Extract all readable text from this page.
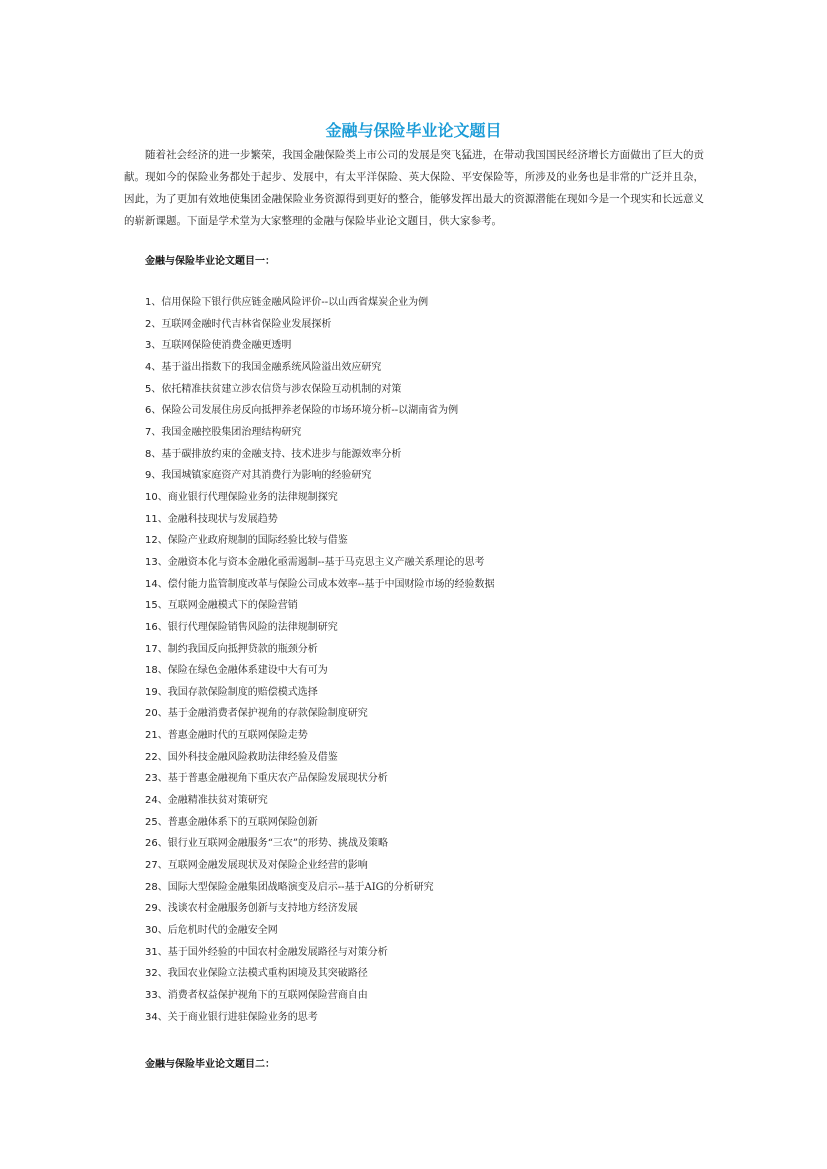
金融与保险毕业论文题目

随着社会经济的进一步繁荣，我国金融保险类上市公司的发展是突飞猛进，在带动我国国民经济增长方面做出了巨大的贡献。现如今的保险业务都处于起步、发展中，有太平洋保险、英大保险、平安保险等，所涉及的业务也是非常的广泛并且杂，因此，为了更加有效地使集团金融保险业务资源得到更好的整合，能够发挥出最大的资源潜能在现如今是一个现实和长远意义的崭新课题。下面是学术堂为大家整理的金融与保险毕业论文题目，供大家参考。

金融与保险毕业论文题目一：
1、信用保险下银行供应链金融风险评价--以山西省煤炭企业为例
2、互联网金融时代吉林省保险业发展探析
3、互联网保险使消费金融更透明
4、基于溢出指数下的我国金融系统风险溢出效应研究
5、依托精准扶贫建立涉农信贷与涉农保险互动机制的对策
6、保险公司发展住房反向抵押养老保险的市场环境分析--以湖南省为例
7、我国金融控股集团治理结构研究
8、基于碳排放约束的金融支持、技术进步与能源效率分析
9、我国城镇家庭资产对其消费行为影响的经验研究
10、商业银行代理保险业务的法律规制探究
11、金融科技现状与发展趋势
12、保险产业政府规制的国际经验比较与借鉴
13、金融资本化与资本金融化亟需遏制--基于马克思主义产融关系理论的思考
14、偿付能力监管制度改革与保险公司成本效率--基于中国财险市场的经验数据
15、互联网金融模式下的保险营销
16、银行代理保险销售风险的法律规制研究
17、制约我国反向抵押贷款的瓶颈分析
18、保险在绿色金融体系建设中大有可为
19、我国存款保险制度的赔偿模式选择
20、基于金融消费者保护视角的存款保险制度研究
21、普惠金融时代的互联网保险走势
22、国外科技金融风险救助法律经验及借鉴
23、基于普惠金融视角下重庆农产品保险发展现状分析
24、金融精准扶贫对策研究
25、普惠金融体系下的互联网保险创新
26、银行业互联网金融服务“三农”的形势、挑战及策略
27、互联网金融发展现状及对保险企业经营的影响
28、国际大型保险金融集团战略演变及启示--基于AIG的分析研究
29、浅谈农村金融服务创新与支持地方经济发展
30、后危机时代的金融安全网
31、基于国外经验的中国农村金融发展路径与对策分析
32、我国农业保险立法模式重构困境及其突破路径
33、消费者权益保护视角下的互联网保险营商自由
34、关于商业银行进驻保险业务的思考
金融与保险毕业论文题目二：
